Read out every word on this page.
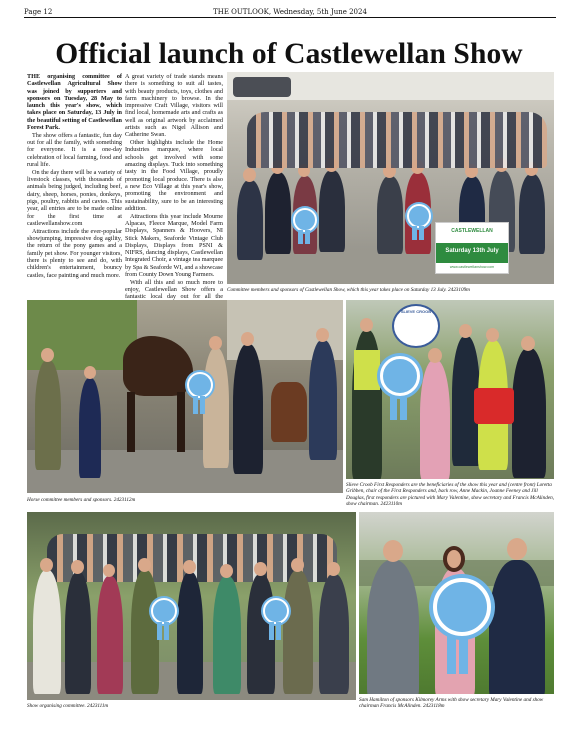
Page 12	THE OUTLOOK, Wednesday, 5th June 2024
Official launch of Castlewellan Show

THE organising committee of Castlewellan Agricultural Show was joined by supporters and sponsors on Tuesday, 28 May to launch this year's show, which takes place on Saturday, 13 July in the beautiful setting of Castlewellan Forest Park.

The show offers a fantastic, fun day out for all the family, with something for everyone. It is a one-day celebration of local farming, food and rural life.

On the day there will be a variety of livestock classes, with thousands of animals being judged, including beef, dairy, sheep, horses, ponies, donkeys, pigs, poultry, rabbits and cavies. This year, all entries are to be made online for the first time at castlewellanshow.com

Attractions include the ever-popular showjumping, impressive dog agility, the return of the pony games and a family pet show. For younger visitors, there is plenty to see and do, with children's entertainment, bouncy castles, face painting and much more.

A great variety of trade stands means there is something to suit all tastes, with beauty products, toys, clothes and farm machinery to browse. In the impressive Craft Village, visitors will find local, homemade arts and crafts as well as original artwork by acclaimed artists such as Nigel Allison and Catherine Swan.

Other highlights include the Home Industries marquee, where local schools get involved with some amazing displays. Tuck into something tasty in the Food Village, proudly promoting local produce. There is also a new Eco Village at this year's show, promoting the environment and sustainability, sure to be an interesting addition.

Attractions this year include Mourne Alpacas, Fleece Marque, Model Farm Displays, Spanners & Hoovers, NI Stick Makers, Seaforde Vintage Club Displays, Displays from PSNI & NIFRS, dancing displays, Castlewellan Integrated Choir, a vintage tea marquee by Spa & Seaforde WI, and a showcase from County Down Young Farmers.

With all this and so much more to enjoy, Castlewellan Show offers a fantastic local day out for all the

CASTLEWELLAN
Saturday 13th July
www.castlewellanshow.com
Committee members and sponsors of Castlewellan Show, which this year takes place on Saturday 13 July. 2423109m
Horse committee members and sponsors. 2423112m
SLIEVE CROOB
Slieve Croob First Responders are the beneficiaries of the show this year and (centre front) Loretta Gribben, chair of the First Responders and, back row, Anne Mackin, Joanne Feeney and Jill Douglas, first responders are pictured with Mary Valentine, show secretary and Francis McAlinden, show chairman. 2423110m
Show organising committee. 2423111m
Sam Hamilton of sponsors Kilmorey Arms with show secretary Mary Valentine and show chairman Francis McAlinden. 2423118m
